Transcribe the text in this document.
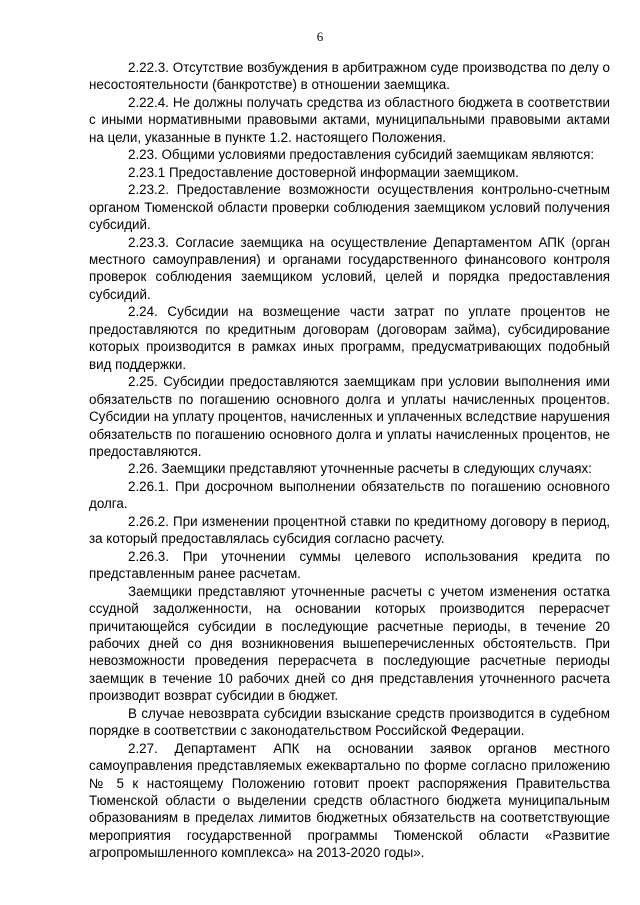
6

2.22.3. Отсутствие возбуждения в арбитражном суде производства по делу о несостоятельности (банкротстве) в отношении заемщика.

2.22.4. Не должны получать средства из областного бюджета в соответствии с иными нормативными правовыми актами, муниципальными правовыми актами на цели, указанные в пункте 1.2. настоящего Положения.

2.23. Общими условиями предоставления субсидий заемщикам являются:

2.23.1 Предоставление достоверной информации заемщиком.

2.23.2. Предоставление возможности осуществления контрольно-счетным органом Тюменской области проверки соблюдения заемщиком условий получения субсидий.

2.23.3. Согласие заемщика на осуществление Департаментом АПК (орган местного самоуправления) и органами государственного финансового контроля проверок соблюдения заемщиком условий, целей и порядка предоставления субсидий.

2.24. Субсидии на возмещение части затрат по уплате процентов не предоставляются по кредитным договорам (договорам займа), субсидирование которых производится в рамках иных программ, предусматривающих подобный вид поддержки.

2.25. Субсидии предоставляются заемщикам при условии выполнения ими обязательств по погашению основного долга и уплаты начисленных процентов. Субсидии на уплату процентов, начисленных и уплаченных вследствие нарушения обязательств по погашению основного долга и уплаты начисленных процентов, не предоставляются.

2.26. Заемщики представляют уточненные расчеты в следующих случаях:

2.26.1. При досрочном выполнении обязательств по погашению основного долга.

2.26.2. При изменении процентной ставки по кредитному договору в период, за который предоставлялась субсидия согласно расчету.

2.26.3. При уточнении суммы целевого использования кредита по представленным ранее расчетам.

Заемщики представляют уточненные расчеты с учетом изменения остатка ссудной задолженности, на основании которых производится перерасчет причитающейся субсидии в последующие расчетные периоды, в течение 20 рабочих дней со дня возникновения вышеперечисленных обстоятельств. При невозможности проведения перерасчета в последующие расчетные периоды заемщик в течение 10 рабочих дней со дня представления уточненного расчета производит возврат субсидии в бюджет.

В случае невозврата субсидии взыскание средств производится в судебном порядке в соответствии с законодательством Российской Федерации.

2.27. Департамент АПК на основании заявок органов местного самоуправления представляемых ежеквартально по форме согласно приложению № 5 к настоящему Положению готовит проект распоряжения Правительства Тюменской области о выделении средств областного бюджета муниципальным образованиям в пределах лимитов бюджетных обязательств на соответствующие мероприятия государственной программы Тюменской области «Развитие агропромышленного комплекса» на 2013-2020 годы».
